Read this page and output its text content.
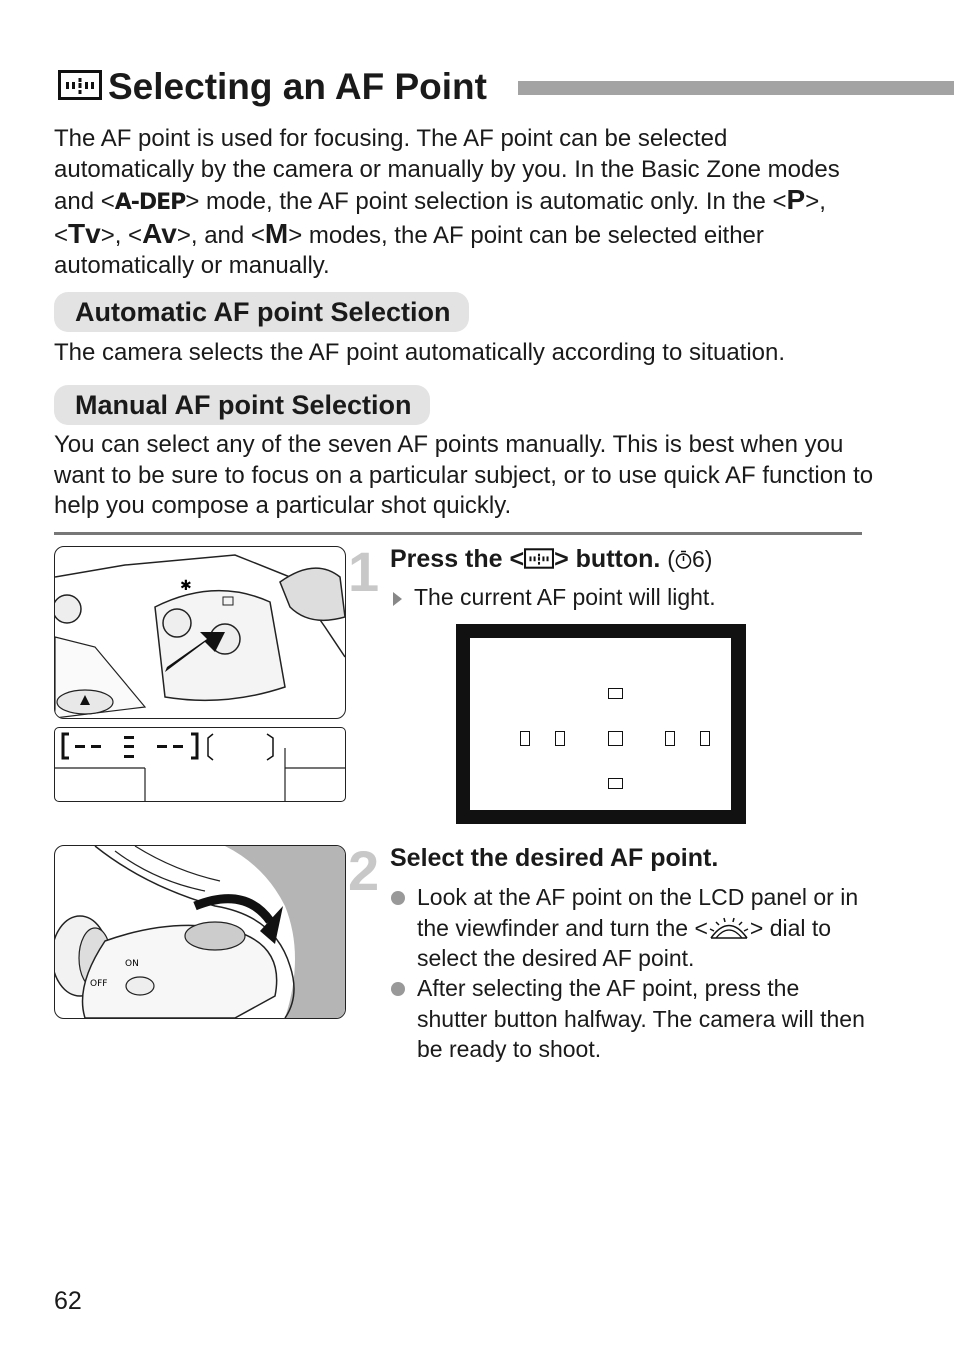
Selecting an AF Point
The AF point is used for focusing. The AF point can be selected automatically by the camera or manually by you. In the Basic Zone modes and <A-DEP> mode, the AF point selection is automatic only. In the <P>, <Tv>, <Av>, and <M> modes, the AF point can be selected either automatically or manually.
Automatic AF point Selection
The camera selects the AF point automatically according to situation.
Manual AF point Selection
You can select any of the seven AF points manually. This is best when you want to be sure to focus on a particular subject, or to use quick AF function to help you compose a particular shot quickly.
✱	1 Press the < > button. ( 6)
The current AF point will light.
ON
OFF
2 Select the desired AF point.
Look at the AF point on the LCD panel or in the viewfinder and turn the < > dial to select the desired AF point.
After selecting the AF point, press the shutter button halfway. The camera will then be ready to shoot.
62
